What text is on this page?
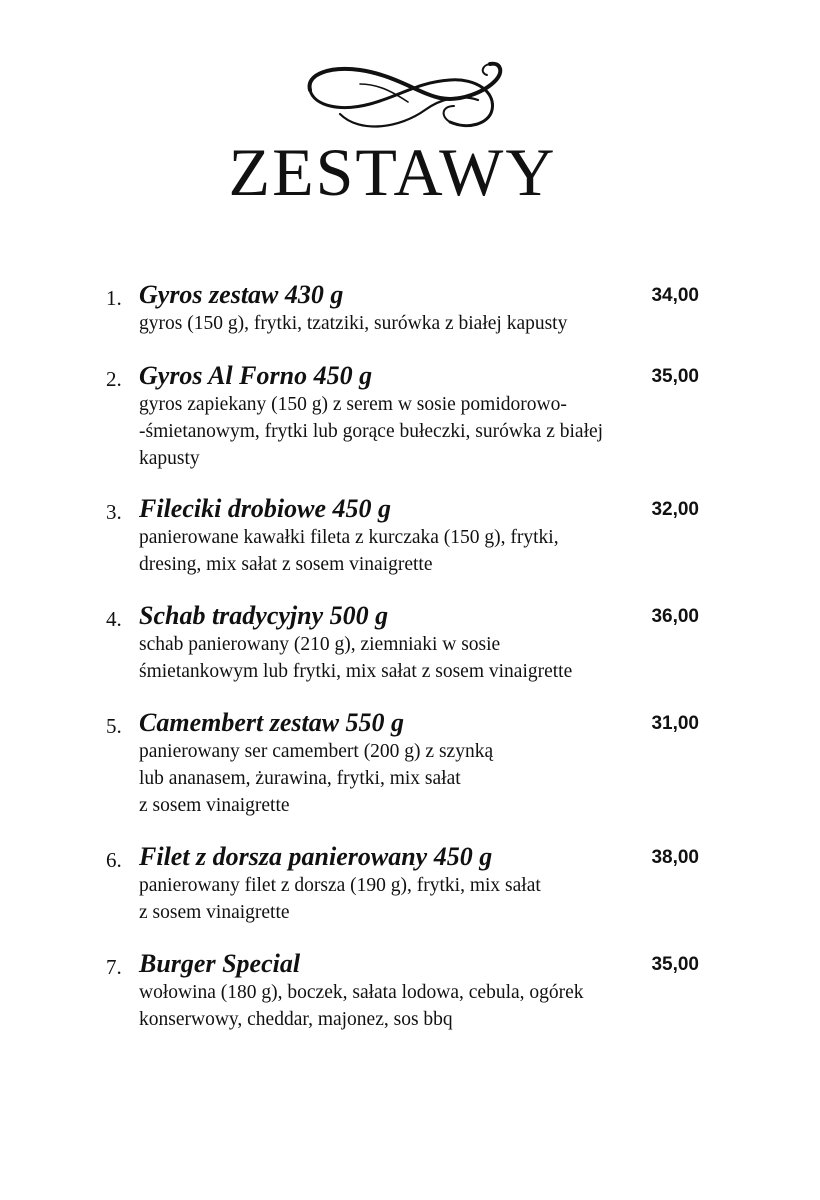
ZESTAWY
1. Gyros zestaw 430 g	34,00
gyros (150 g), frytki, tzatziki, surówka z białej kapusty
2. Gyros Al Forno 450 g	35,00
gyros zapiekany (150 g) z serem w sosie pomidorowo-
-śmietanowym, frytki lub gorące bułeczki, surówka z białej
kapusty
3. Fileciki drobiowe 450 g	32,00
panierowane kawałki fileta z kurczaka (150 g), frytki,
dresing, mix sałat z sosem vinaigrette
4. Schab tradycyjny 500 g	36,00
schab panierowany (210 g), ziemniaki w sosie
śmietankowym lub frytki, mix sałat z sosem vinaigrette
5. Camembert zestaw 550 g	31,00
panierowany ser camembert (200 g) z szynką
lub ananasem, żurawina, frytki, mix sałat
z sosem vinaigrette
6. Filet z dorsza panierowany 450 g	38,00
panierowany filet z dorsza (190 g), frytki, mix sałat
z sosem vinaigrette
7. Burger Special	35,00
wołowina (180 g), boczek, sałata lodowa, cebula, ogórek
konserwowy, cheddar, majonez, sos bbq
